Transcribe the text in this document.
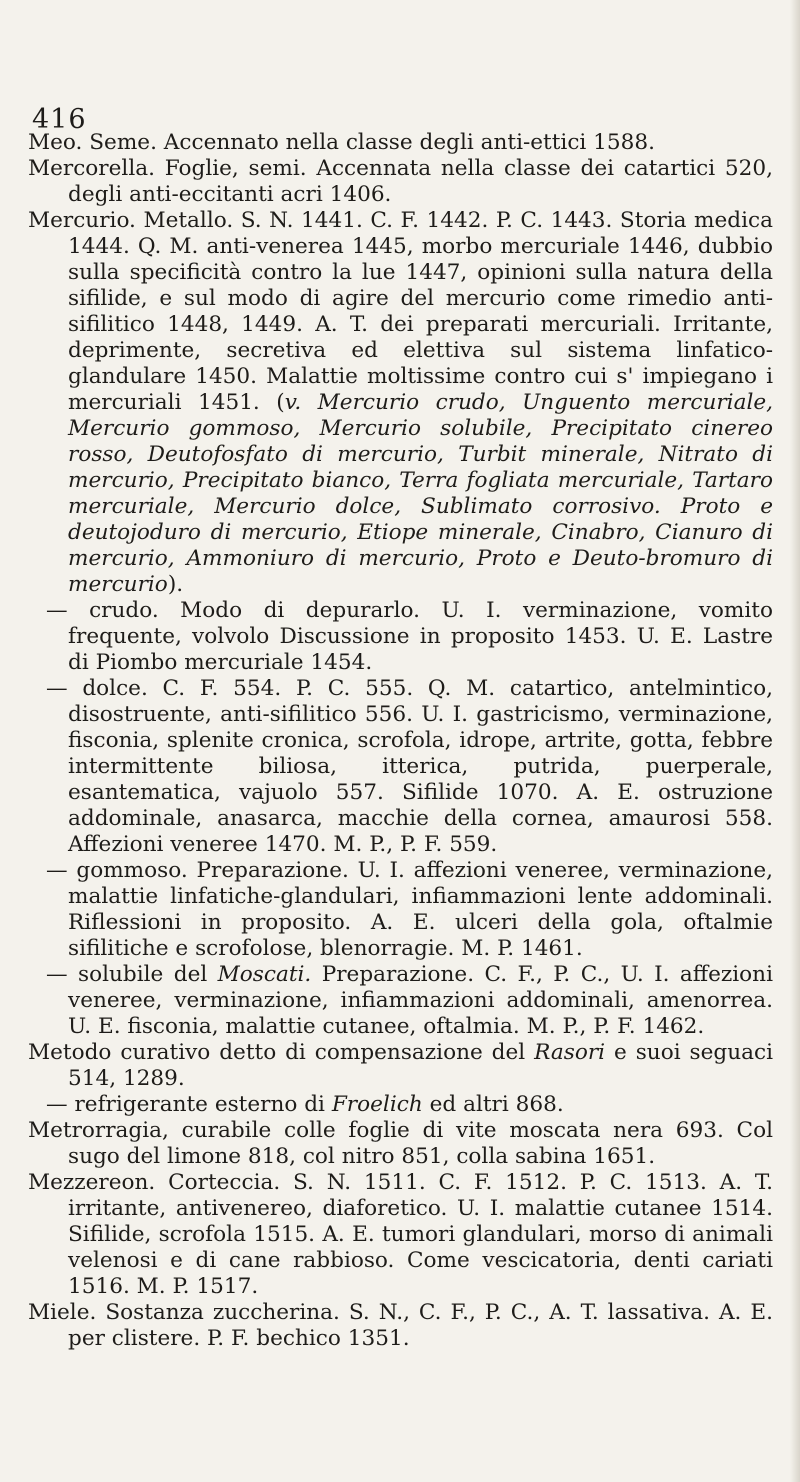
416

Meo. Seme. Accennato nella classe degli anti-ettici 1588.

Mercorella. Foglie, semi. Accennata nella classe dei catartici 520, degli anti-eccitanti acri 1406.

Mercurio. Metallo. S. N. 1441. C. F. 1442. P. C. 1443. Storia medica 1444. Q. M. anti-venerea 1445, morbo mercuriale 1446, dubbio sulla specificità contro la lue 1447, opinioni sulla natura della sifilide, e sul modo di agire del mercurio come rimedio anti-sifilitico 1448, 1449. A. T. dei preparati mercuriali. Irritante, deprimente, secretiva ed elettiva sul sistema linfatico-glandulare 1450. Malattie moltissime contro cui s' impiegano i mercuriali 1451. (v. Mercurio crudo, Unguento mercuriale, Mercurio gommoso, Mercurio solubile, Precipitato cinereo rosso, Deutofosfato di mercurio, Turbit minerale, Nitrato di mercurio, Precipitato bianco, Terra fogliata mercuriale, Tartaro mercuriale, Mercurio dolce, Sublimato corrosivo. Proto e deutojoduro di mercurio, Etiope minerale, Cinabro, Cianuro di mercurio, Ammoniuro di mercurio, Proto e Deuto-bromuro di mercurio).

— crudo. Modo di depurarlo. U. I. verminazione, vomito frequente, volvolo Discussione in proposito 1453. U. E. Lastre di Piombo mercuriale 1454.

— dolce. C. F. 554. P. C. 555. Q. M. catartico, antelmintico, disostruente, anti-sifilitico 556. U. I. gastricismo, verminazione, fisconia, splenite cronica, scrofola, idrope, artrite, gotta, febbre intermittente biliosa, itterica, putrida, puerperale, esantematica, vajuolo 557. Sifilide 1070. A. E. ostruzione addominale, anasarca, macchie della cornea, amaurosi 558. Affezioni veneree 1470. M. P., P. F. 559.

— gommoso. Preparazione. U. I. affezioni veneree, verminazione, malattie linfatiche-glandulari, infiammazioni lente addominali. Riflessioni in proposito. A. E. ulceri della gola, oftalmie sifilitiche e scrofolose, blenorragie. M. P. 1461.

— solubile del Moscati. Preparazione. C. F., P. C., U. I. affezioni veneree, verminazione, infiammazioni addominali, amenorrea. U. E. fisconia, malattie cutanee, oftalmia. M. P., P. F. 1462.

Metodo curativo detto di compensazione del Rasori e suoi seguaci 514, 1289.

— refrigerante esterno di Froelich ed altri 868.

Metrorragia, curabile colle foglie di vite moscata nera 693. Col sugo del limone 818, col nitro 851, colla sabina 1651.

Mezzereon. Corteccia. S. N. 1511. C. F. 1512. P. C. 1513. A. T. irritante, antivenereo, diaforetico. U. I. malattie cutanee 1514. Sifilide, scrofola 1515. A. E. tumori glandulari, morso di animali velenosi e di cane rabbioso. Come vescicatoria, denti cariati 1516. M. P. 1517.

Miele. Sostanza zuccherina. S. N., C. F., P. C., A. T. lassativa. A. E. per clistere. P. F. bechico 1351.
